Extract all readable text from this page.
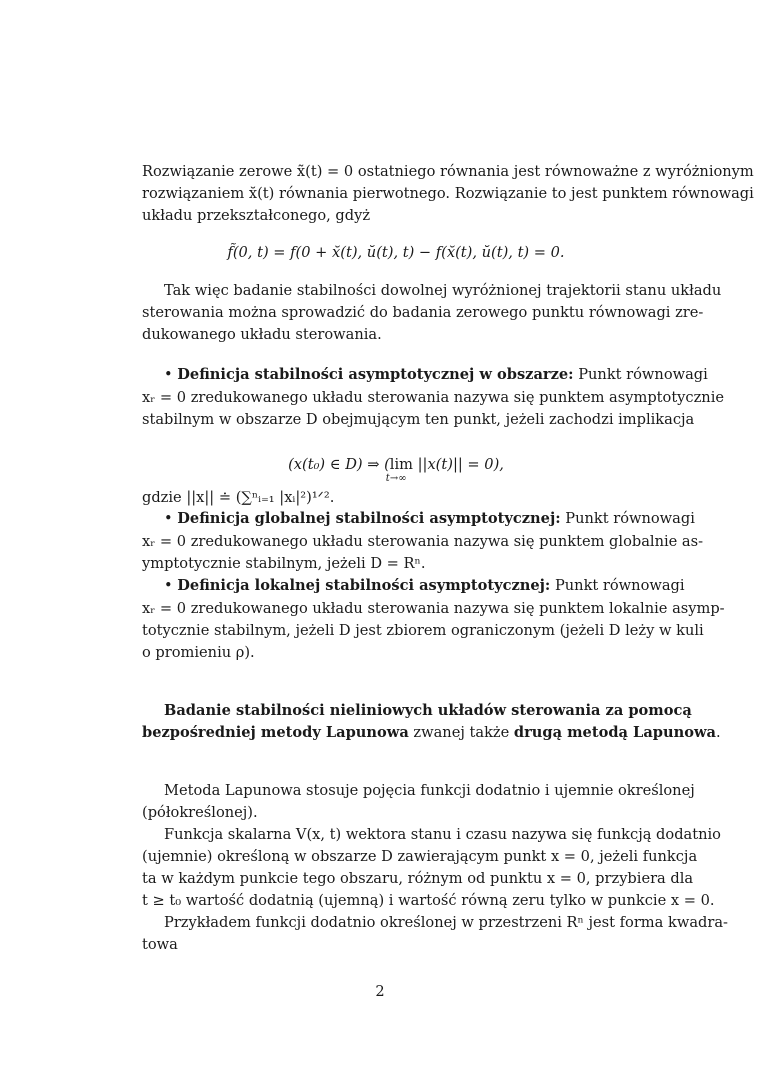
Rozwiązanie zerowe x̃(t) = 0 ostatniego równania jest równoważne z wyróżnionym
rozwiązaniem x̆(t) równania pierwotnego. Rozwiązanie to jest punktem równowagi
układu przekształconego, gdyż
f̃(0, t) = f(0 + x̆(t), ŭ(t), t) − f(x̆(t), ŭ(t), t) = 0.
Tak więc badanie stabilności dowolnej wyróżnionej trajektorii stanu układu
sterowania można sprowadzić do badania zerowego punktu równowagi zre-
dukowanego układu sterowania.
• Definicja stabilności asymptotycznej w obszarze: Punkt równowagi
xᵣ = 0 zredukowanego układu sterowania nazywa się punktem asymptotycznie
stabilnym w obszarze D obejmującym ten punkt, jeżeli zachodzi implikacja
(x(t₀) ∈ D) ⇒ (lim
t→∞
||x(t)|| = 0),
gdzie ||x|| ≐ (∑ⁿᵢ₌₁ |xᵢ|²)¹ᐟ².
• Definicja globalnej stabilności asymptotycznej: Punkt równowagi
xᵣ = 0 zredukowanego układu sterowania nazywa się punktem globalnie as-
ymptotycznie stabilnym, jeżeli D = Rⁿ.
• Definicja lokalnej stabilności asymptotycznej: Punkt równowagi
xᵣ = 0 zredukowanego układu sterowania nazywa się punktem lokalnie asymp-
totycznie stabilnym, jeżeli D jest zbiorem ograniczonym (jeżeli D leży w kuli
o promieniu ρ).
Badanie stabilności nieliniowych układów sterowania za pomocą
bezpośredniej metody Lapunowa zwanej także drugą metodą Lapunowa.
Metoda Lapunowa stosuje pojęcia funkcji dodatnio i ujemnie określonej
(półokreślonej).
Funkcja skalarna V(x, t) wektora stanu i czasu nazywa się funkcją dodatnio
(ujemnie) określoną w obszarze D zawierającym punkt x = 0, jeżeli funkcja
ta w każdym punkcie tego obszaru, różnym od punktu x = 0, przybiera dla
t ≥ t₀ wartość dodatnią (ujemną) i wartość równą zeru tylko w punkcie x = 0.
Przykładem funkcji dodatnio określonej w przestrzeni Rⁿ jest forma kwadra-
towa
2
